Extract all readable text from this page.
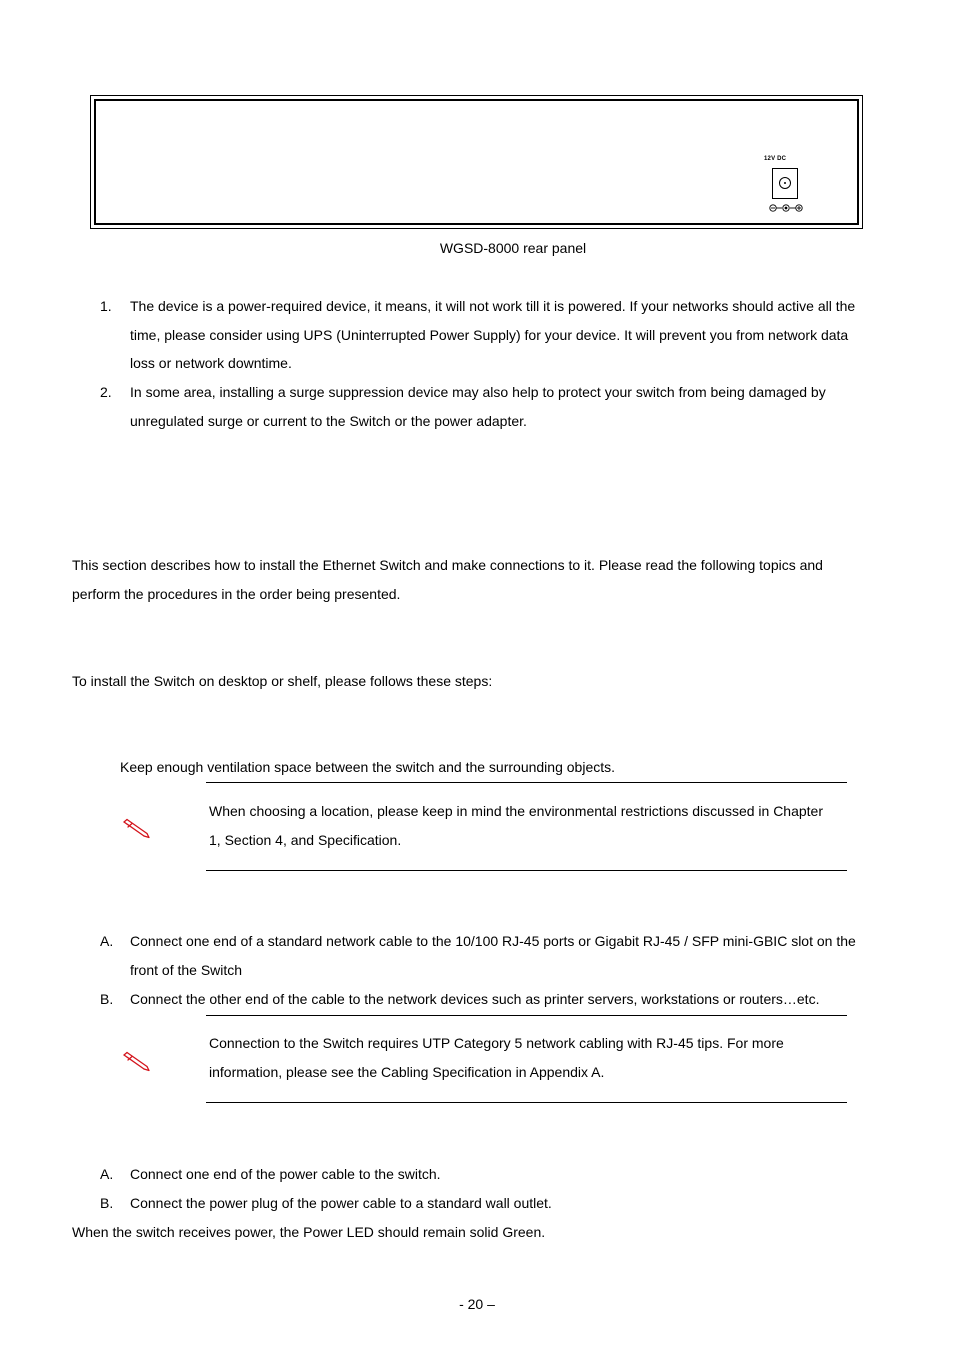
12V DC
WGSD-8000 rear panel
1.	The device is a power-required device, it means, it will not work till it is powered. If your networks should active all the
time, please consider using UPS (Uninterrupted Power Supply) for your device. It will prevent you from network data
loss or network downtime.
2.	In some area, installing a surge suppression device may also help to protect your switch from being damaged by
unregulated surge or current to the Switch or the power adapter.
This section describes how to install the Ethernet Switch and make connections to it. Please read the following topics and
perform the procedures in the order being presented.
To install the Switch on desktop or shelf, please follows these steps:
Keep enough ventilation space between the switch and the surrounding objects.
When choosing a location, please keep in mind the environmental restrictions discussed in Chapter
1, Section 4, and Specification.
A.	Connect one end of a standard network cable to the 10/100 RJ-45 ports or Gigabit RJ-45 / SFP mini-GBIC slot on the
front of the Switch
B.	Connect the other end of the cable to the network devices such as printer servers, workstations or routers…etc.
Connection to the Switch requires UTP Category 5 network cabling with RJ-45 tips. For more
information, please see the Cabling Specification in Appendix A.
A.	Connect one end of the power cable to the switch.
B.	Connect the power plug of the power cable to a standard wall outlet.
When the switch receives power, the Power LED should remain solid Green.
- 20 –
